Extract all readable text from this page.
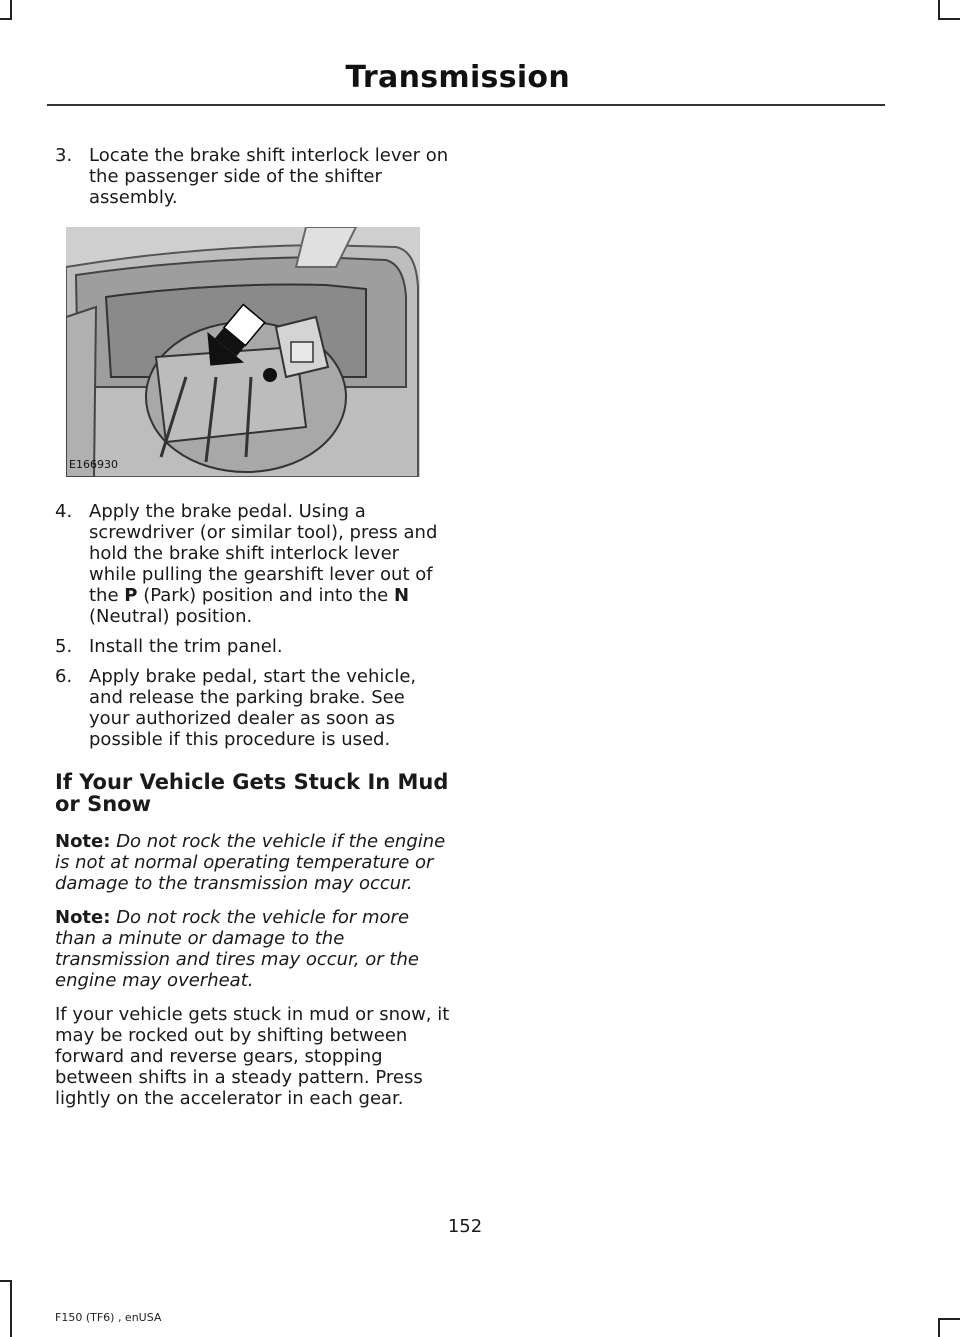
Transmission
3. Locate the brake shift interlock lever on the passenger side of the shifter assembly.
E166930
4. Apply the brake pedal. Using a screwdriver (or similar tool), press and hold the brake shift interlock lever while pulling the gearshift lever out of the P (Park) position and into the N (Neutral) position.
5. Install the trim panel.
6. Apply brake pedal, start the vehicle, and release the parking brake. See your authorized dealer as soon as possible if this procedure is used.
If Your Vehicle Gets Stuck In Mud or Snow

Note: Do not rock the vehicle if the engine is not at normal operating temperature or damage to the transmission may occur.

Note: Do not rock the vehicle for more than a minute or damage to the transmission and tires may occur, or the engine may overheat.

If your vehicle gets stuck in mud or snow, it may be rocked out by shifting between forward and reverse gears, stopping between shifts in a steady pattern. Press lightly on the accelerator in each gear.

152
F150 (TF6) , enUSA
